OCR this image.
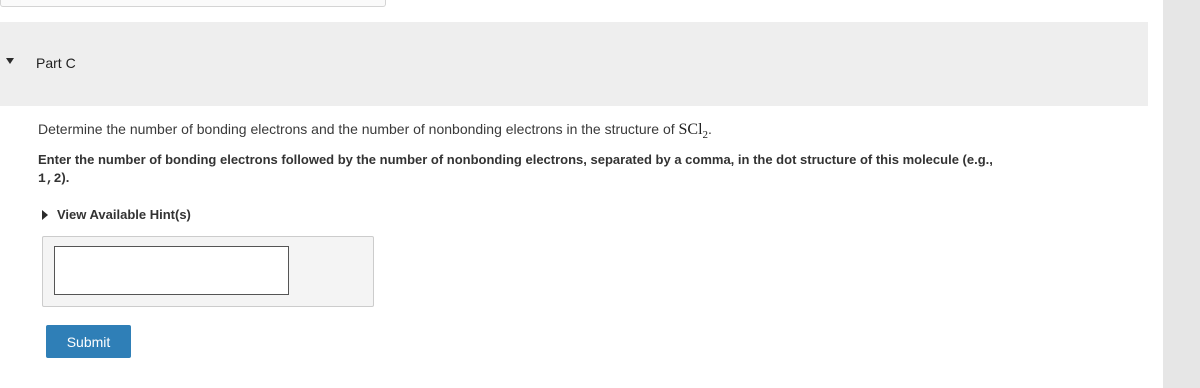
Part C
Determine the number of bonding electrons and the number of nonbonding electrons in the structure of SCl$_2$.
Enter the number of bonding electrons followed by the number of nonbonding electrons, separated by a comma, in the dot structure of this molecule (e.g.,
1,2).
View Available Hint(s)
Submit
